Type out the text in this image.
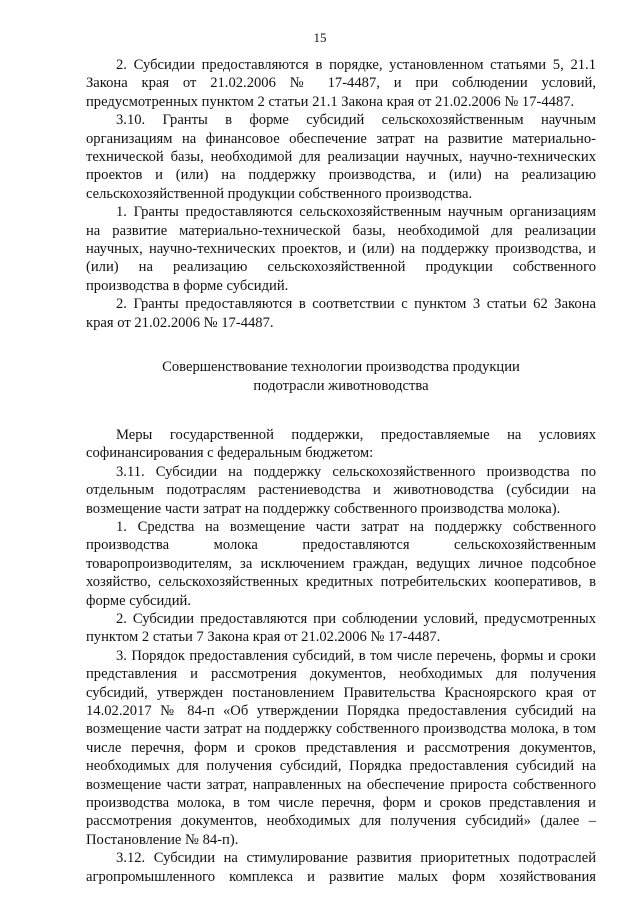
15

2. Субсидии предоставляются в порядке, установленном статьями 5, 21.1 Закона края от 21.02.2006 № 17-4487, и при соблюдении условий, предусмотренных пунктом 2 статьи 21.1 Закона края от 21.02.2006 № 17-4487.

3.10. Гранты в форме субсидий сельскохозяйственным научным организациям на финансовое обеспечение затрат на развитие материально-технической базы, необходимой для реализации научных, научно-технических проектов и (или) на поддержку производства, и (или) на реализацию сельскохозяйственной продукции собственного производства.

1. Гранты предоставляются сельскохозяйственным научным организациям на развитие материально-технической базы, необходимой для реализации научных, научно-технических проектов, и (или) на поддержку производства, и (или) на реализацию сельскохозяйственной продукции собственного производства в форме субсидий.

2. Гранты предоставляются в соответствии с пунктом 3 статьи 62 Закона края от 21.02.2006 № 17-4487.

Совершенствование технологии производства продукции
подотрасли животноводства

Меры государственной поддержки, предоставляемые на условиях софинансирования с федеральным бюджетом:

3.11. Субсидии на поддержку сельскохозяйственного производства по отдельным подотраслям растениеводства и животноводства (субсидии на возмещение части затрат на поддержку собственного производства молока).

1. Средства на возмещение части затрат на поддержку собственного производства молока предоставляются сельскохозяйственным товаропроизводителям, за исключением граждан, ведущих личное подсобное хозяйство, сельскохозяйственных кредитных потребительских кооперативов, в форме субсидий.

2. Субсидии предоставляются при соблюдении условий, предусмотренных пунктом 2 статьи 7 Закона края от 21.02.2006 № 17-4487.

3. Порядок предоставления субсидий, в том числе перечень, формы и сроки представления и рассмотрения документов, необходимых для получения субсидий, утвержден постановлением Правительства Красноярского края от 14.02.2017 № 84-п «Об утверждении Порядка предоставления субсидий на возмещение части затрат на поддержку собственного производства молока, в том числе перечня, форм и сроков представления и рассмотрения документов, необходимых для получения субсидий, Порядка предоставления субсидий на возмещение части затрат, направленных на обеспечение прироста собственного производства молока, в том числе перечня, форм и сроков представления и рассмотрения документов, необходимых для получения субсидий» (далее – Постановление № 84-п).

3.12. Субсидии на стимулирование развития приоритетных подотраслей агропромышленного комплекса и развитие малых форм хозяйствования
